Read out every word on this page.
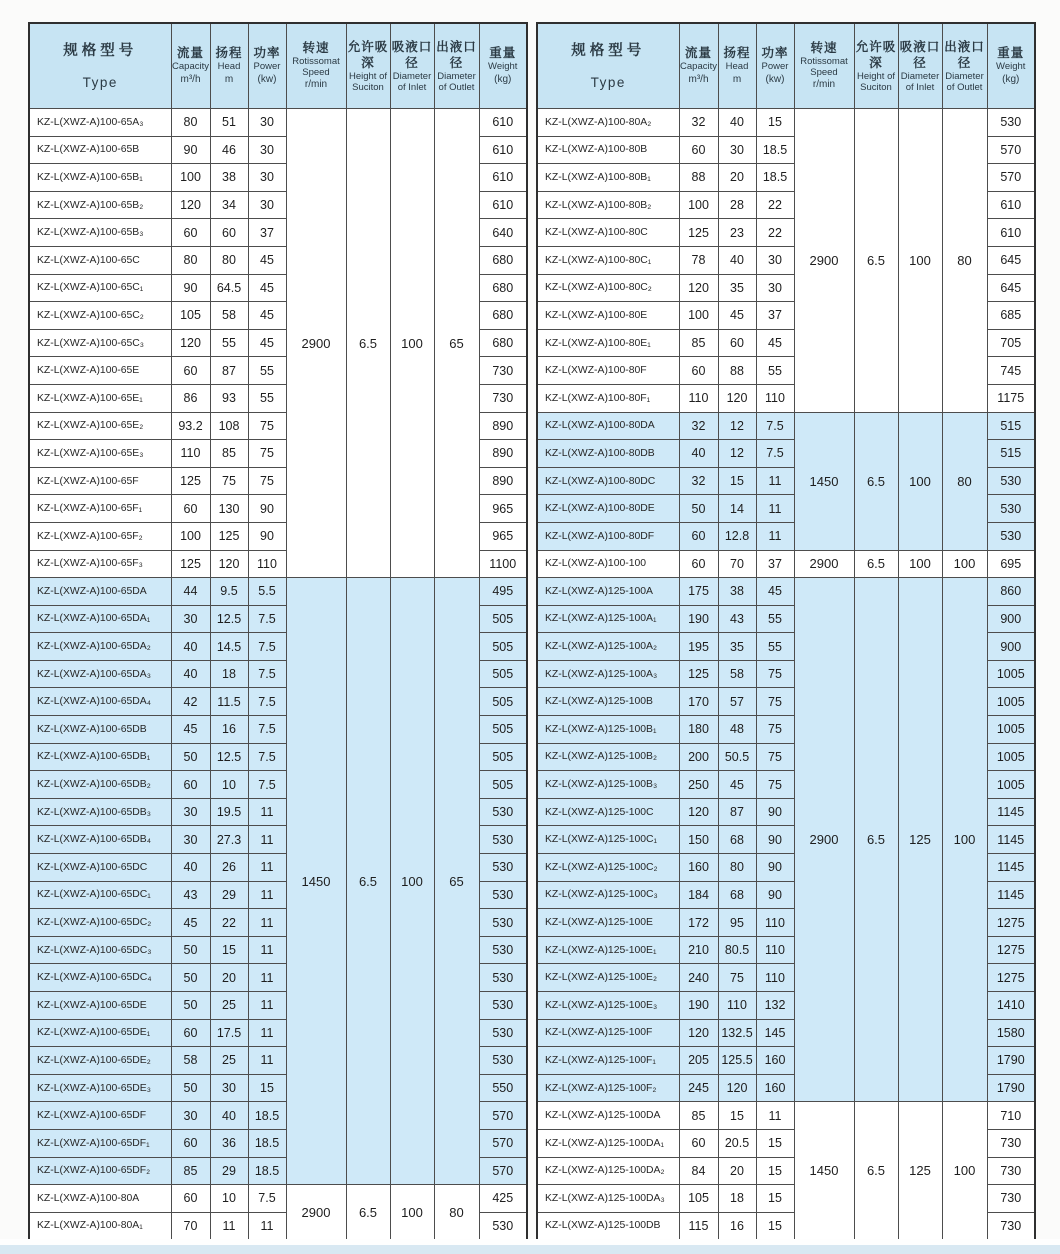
规格型号
Type

流量
Capacity
m³/h

扬程
Head
m

功率
Power
(kw)

转速
Rotissomat Speed
r/min

允许吸深
Height of Suciton

吸液口径
Diameter of Inlet

出液口径
Diameter of Outlet

重量
Weight
(kg)

KZ-L(XWZ-A)100-65A₃	80	51	30	2900	6.5	100	65	610
KZ-L(XWZ-A)100-65B	90	46	30					610
KZ-L(XWZ-A)100-65B₁	100	38	30					610
KZ-L(XWZ-A)100-65B₂	120	34	30					610
KZ-L(XWZ-A)100-65B₃	60	60	37					640
KZ-L(XWZ-A)100-65C	80	80	45					680
KZ-L(XWZ-A)100-65C₁	90	64.5	45					680
KZ-L(XWZ-A)100-65C₂	105	58	45					680
KZ-L(XWZ-A)100-65C₃	120	55	45					680
KZ-L(XWZ-A)100-65E	60	87	55					730
KZ-L(XWZ-A)100-65E₁	86	93	55					730
KZ-L(XWZ-A)100-65E₂	93.2	108	75					890
KZ-L(XWZ-A)100-65E₃	110	85	75					890
KZ-L(XWZ-A)100-65F	125	75	75					890
KZ-L(XWZ-A)100-65F₁	60	130	90					965
KZ-L(XWZ-A)100-65F₂	100	125	90					965
KZ-L(XWZ-A)100-65F₃	125	120	110					1100
KZ-L(XWZ-A)100-65DA	44	9.5	5.5	1450	6.5	100	65	495
KZ-L(XWZ-A)100-65DA₁	30	12.5	7.5					505
KZ-L(XWZ-A)100-65DA₂	40	14.5	7.5					505
KZ-L(XWZ-A)100-65DA₃	40	18	7.5					505
KZ-L(XWZ-A)100-65DA₄	42	11.5	7.5					505
KZ-L(XWZ-A)100-65DB	45	16	7.5					505
KZ-L(XWZ-A)100-65DB₁	50	12.5	7.5					505
KZ-L(XWZ-A)100-65DB₂	60	10	7.5					505
KZ-L(XWZ-A)100-65DB₃	30	19.5	11					530
KZ-L(XWZ-A)100-65DB₄	30	27.3	11					530
KZ-L(XWZ-A)100-65DC	40	26	11					530
KZ-L(XWZ-A)100-65DC₁	43	29	11					530
KZ-L(XWZ-A)100-65DC₂	45	22	11					530
KZ-L(XWZ-A)100-65DC₃	50	15	11					530
KZ-L(XWZ-A)100-65DC₄	50	20	11					530
KZ-L(XWZ-A)100-65DE	50	25	11					530
KZ-L(XWZ-A)100-65DE₁	60	17.5	11					530
KZ-L(XWZ-A)100-65DE₂	58	25	11					530
KZ-L(XWZ-A)100-65DE₃	50	30	15					550
KZ-L(XWZ-A)100-65DF	30	40	18.5					570
KZ-L(XWZ-A)100-65DF₁	60	36	18.5					570
KZ-L(XWZ-A)100-65DF₂	85	29	18.5					570
KZ-L(XWZ-A)100-80A	60	10	7.5	2900	6.5	100	80	425
KZ-L(XWZ-A)100-80A₁	70	11	11					530
规格型号
Type

流量
Capacity
m³/h

扬程
Head
m

功率
Power
(kw)

转速
Rotissomat Speed
r/min

允许吸深
Height of Suciton

吸液口径
Diameter of Inlet

出液口径
Diameter of Outlet

重量
Weight
(kg)

KZ-L(XWZ-A)100-80A₂	32	40	15	2900	6.5	100	80	530
KZ-L(XWZ-A)100-80B	60	30	18.5					570
KZ-L(XWZ-A)100-80B₁	88	20	18.5					570
KZ-L(XWZ-A)100-80B₂	100	28	22					610
KZ-L(XWZ-A)100-80C	125	23	22					610
KZ-L(XWZ-A)100-80C₁	78	40	30					645
KZ-L(XWZ-A)100-80C₂	120	35	30					645
KZ-L(XWZ-A)100-80E	100	45	37					685
KZ-L(XWZ-A)100-80E₁	85	60	45					705
KZ-L(XWZ-A)100-80F	60	88	55					745
KZ-L(XWZ-A)100-80F₁	110	120	110					1175
KZ-L(XWZ-A)100-80DA	32	12	7.5	1450	6.5	100	80	515
KZ-L(XWZ-A)100-80DB	40	12	7.5					515
KZ-L(XWZ-A)100-80DC	32	15	11					530
KZ-L(XWZ-A)100-80DE	50	14	11					530
KZ-L(XWZ-A)100-80DF	60	12.8	11					530
KZ-L(XWZ-A)100-100	60	70	37	2900	6.5	100	100	695
KZ-L(XWZ-A)125-100A	175	38	45	2900	6.5	125	100	860
KZ-L(XWZ-A)125-100A₁	190	43	55					900
KZ-L(XWZ-A)125-100A₂	195	35	55					900
KZ-L(XWZ-A)125-100A₃	125	58	75					1005
KZ-L(XWZ-A)125-100B	170	57	75					1005
KZ-L(XWZ-A)125-100B₁	180	48	75					1005
KZ-L(XWZ-A)125-100B₂	200	50.5	75					1005
KZ-L(XWZ-A)125-100B₃	250	45	75					1005
KZ-L(XWZ-A)125-100C	120	87	90					1145
KZ-L(XWZ-A)125-100C₁	150	68	90					1145
KZ-L(XWZ-A)125-100C₂	160	80	90					1145
KZ-L(XWZ-A)125-100C₃	184	68	90					1145
KZ-L(XWZ-A)125-100E	172	95	110					1275
KZ-L(XWZ-A)125-100E₁	210	80.5	110					1275
KZ-L(XWZ-A)125-100E₂	240	75	110					1275
KZ-L(XWZ-A)125-100E₃	190	110	132					1410
KZ-L(XWZ-A)125-100F	120	132.5	145					1580
KZ-L(XWZ-A)125-100F₁	205	125.5	160					1790
KZ-L(XWZ-A)125-100F₂	245	120	160					1790
KZ-L(XWZ-A)125-100DA	85	15	11	1450	6.5	125	100	710
KZ-L(XWZ-A)125-100DA₁	60	20.5	15					730
KZ-L(XWZ-A)125-100DA₂	84	20	15					730
KZ-L(XWZ-A)125-100DA₃	105	18	15					730
KZ-L(XWZ-A)125-100DB	115	16	15					730
